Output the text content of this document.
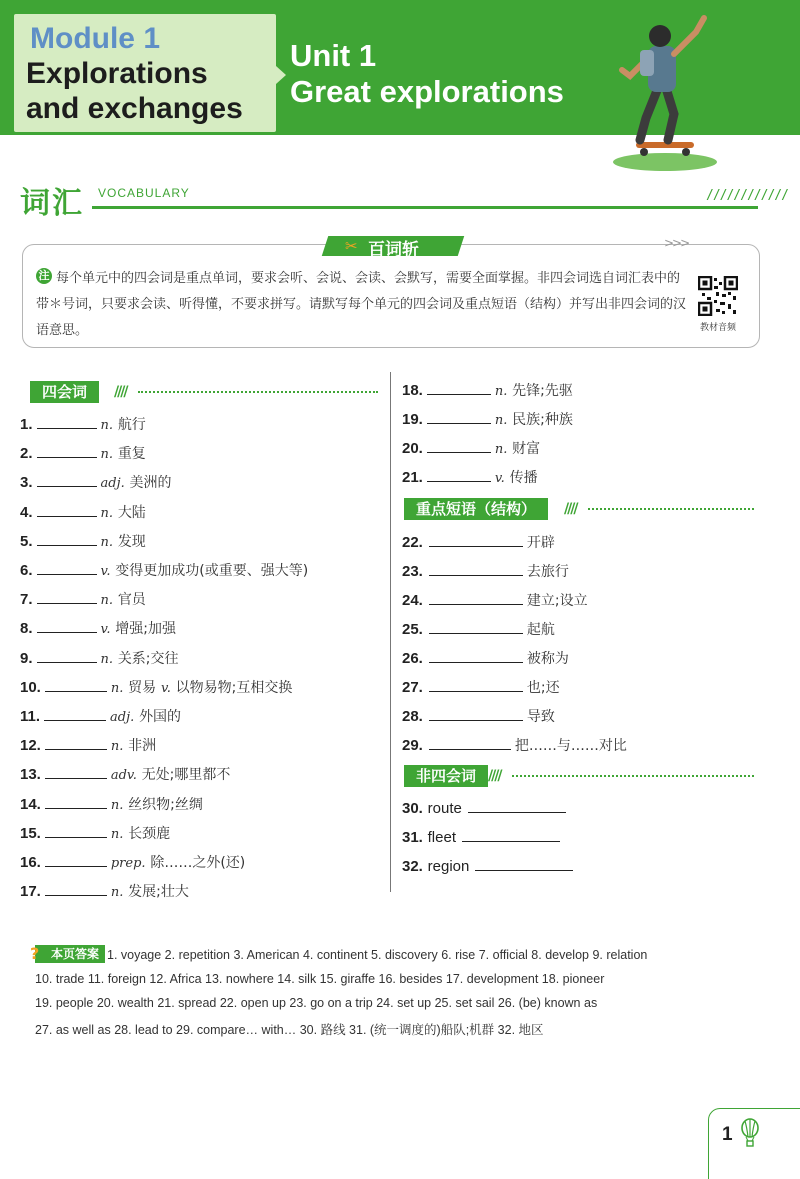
Module 1
Explorations
and exchanges
Unit 1
Great explorations
词汇 VOCABULARY	////////////
✂ 百词斩	>>>
注 每个单元中的四会词是重点单词，要求会听、会说、会读、会默写，需要全面掌握。非四会词选自词汇表中的带＊号词，只要求会读、听得懂，不要求拼写。请默写每个单元的四会词及重点短语（结构）并写出非四会词的汉语意思。	教材音频
四会词	////
1.	n. 航行
2.	n. 重复
3.	adj. 美洲的
4.	n. 大陆
5.	n. 发现
6.	v. 变得更加成功(或重要、强大等)
7.	n. 官员
8.	v. 增强;加强
9.	n. 关系;交往
10.	n. 贸易 v. 以物易物;互相交换
11.	adj. 外国的
12.	n. 非洲
13.	adv. 无处;哪里都不
14.	n. 丝织物;丝绸
15.	n. 长颈鹿
16.	prep. 除……之外(还)
17.	n. 发展;壮大
18.	n. 先锋;先驱
19.	n. 民族;种族
20.	n. 财富
21.	v. 传播
重点短语（结构）	////
22.	开辟
23.	去旅行
24.	建立;设立
25.	起航
26.	被称为
27.	也;还
28.	导致
29.	把……与……对比
非四会词 ////
30. route
31. fleet
32. region
本页答案
?	1. voyage 2. repetition 3. American 4. continent 5. discovery 6. rise 7. official 8. develop 9. relation
10. trade 11. foreign 12. Africa 13. nowhere 14. silk 15. giraffe 16. besides 17. development 18. pioneer
19. people 20. wealth 21. spread 22. open up 23. go on a trip 24. set up 25. set sail 26. (be) known as
27. as well as 28. lead to 29. compare… with… 30. 路线 31. (统一调度的)船队;机群 32. 地区
1
